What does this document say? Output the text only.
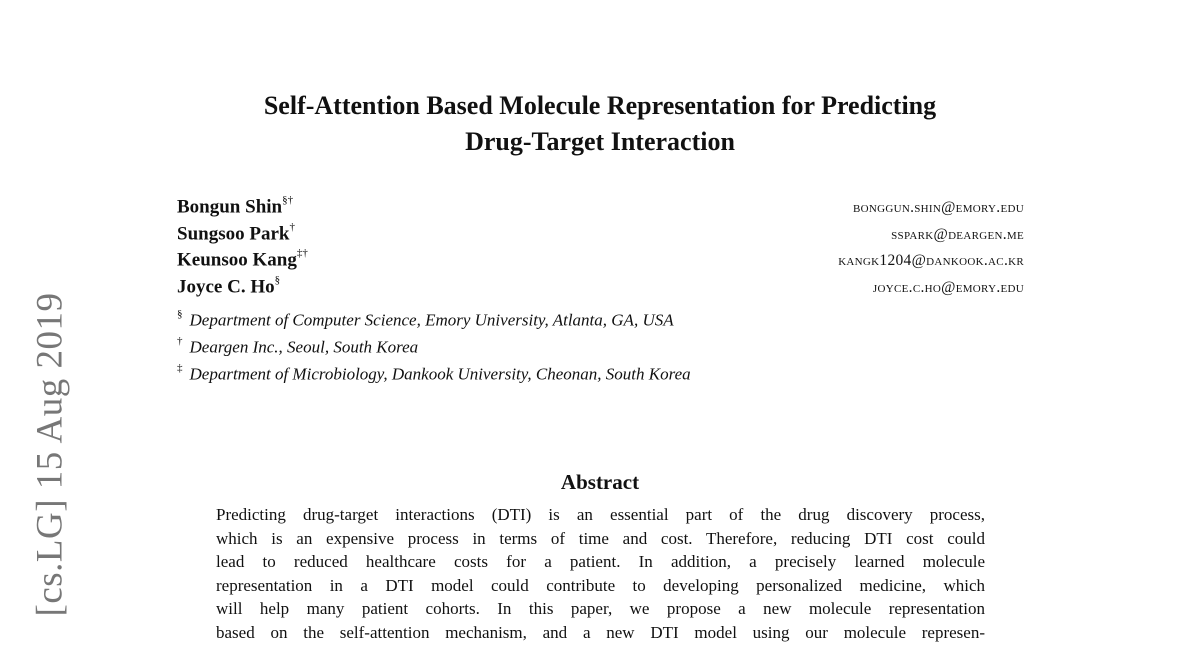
[cs.LG] 15 Aug 2019
Self-Attention Based Molecule Representation for Predicting
Drug-Target Interaction
Bongun Shin§†	bonggun.shin@emory.edu
Sungsoo Park†	sspark@deargen.me
Keunsoo Kang‡†	kangk1204@dankook.ac.kr
Joyce C. Ho§	joyce.c.ho@emory.edu
§ Department of Computer Science, Emory University, Atlanta, GA, USA
† Deargen Inc., Seoul, South Korea
‡ Department of Microbiology, Dankook University, Cheonan, South Korea
Abstract
Predicting drug-target interactions (DTI) is an essential part of the drug discovery process,
which is an expensive process in terms of time and cost. Therefore, reducing DTI cost could
lead to reduced healthcare costs for a patient. In addition, a precisely learned molecule
representation in a DTI model could contribute to developing personalized medicine, which
will help many patient cohorts. In this paper, we propose a new molecule representation
based on the self-attention mechanism, and a new DTI model using our molecule represen-
